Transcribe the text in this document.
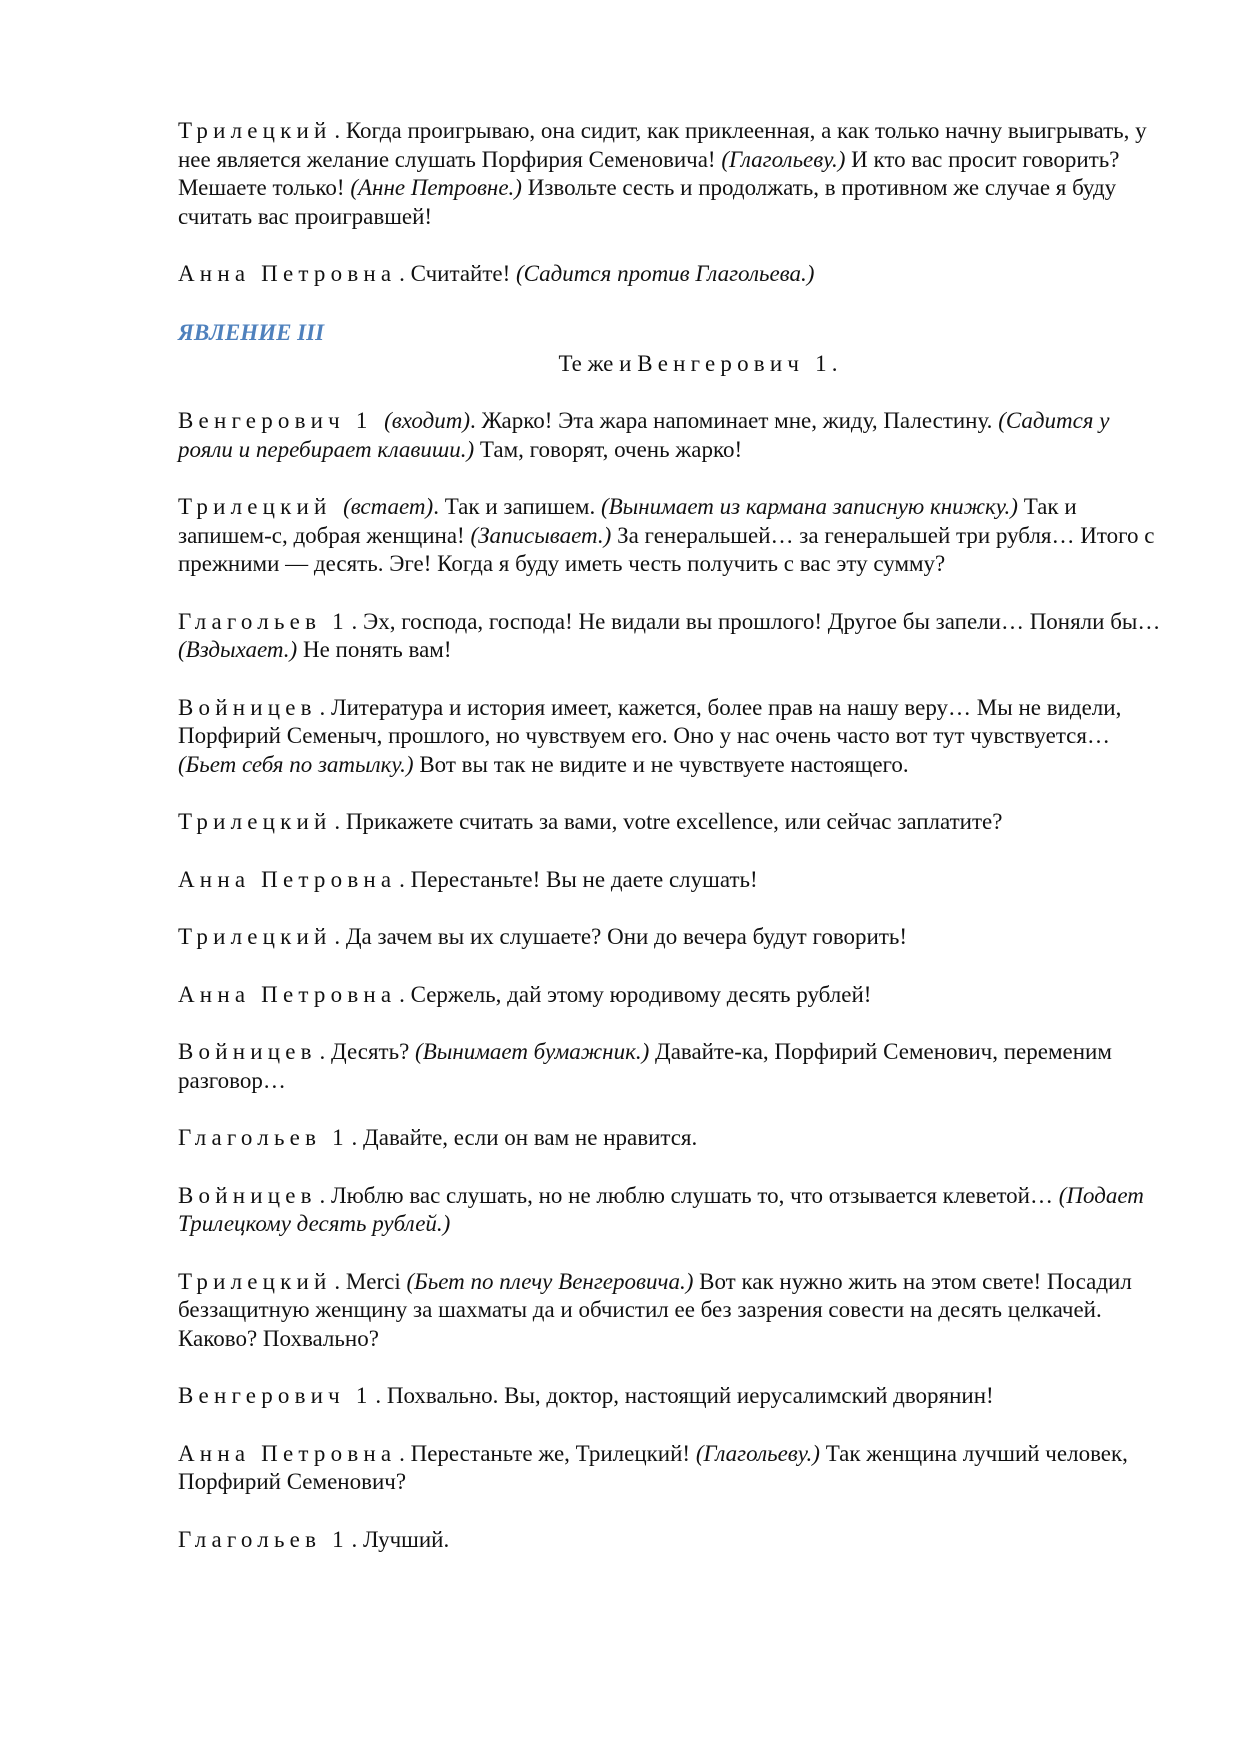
Трилецкий . Когда проигрываю, она сидит, как приклеенная, а как только начну выигрывать, у нее является желание слушать Порфирия Семеновича! (Глагольеву.) И кто вас просит говорить? Мешаете только! (Анне Петровне.) Извольте сесть и продолжать, в противном же случае я буду считать вас проигравшей!

Анна Петровна . Считайте! (Садится против Глагольева.)

ЯВЛЕНИЕ III

Те же и Венгерович 1.

Венгерович 1 (входит). Жарко! Эта жара напоминает мне, жиду, Палестину. (Садится у рояли и перебирает клавиши.) Там, говорят, очень жарко!

Трилецкий (встает). Так и запишем. (Вынимает из кармана записную книжку.) Так и запишем-с, добрая женщина! (Записывает.) За генеральшей… за генеральшей три рубля… Итого с прежними — десять. Эге! Когда я буду иметь честь получить с вас эту сумму?

Глагольев 1 . Эх, господа, господа! Не видали вы прошлого! Другое бы запели… Поняли бы… (Вздыхает.) Не понять вам!

Войницев . Литература и история имеет, кажется, более прав на нашу веру… Мы не видели, Порфирий Семеныч, прошлого, но чувствуем его. Оно у нас очень часто вот тут чувствуется… (Бьет себя по затылку.) Вот вы так не видите и не чувствуете настоящего.

Трилецкий . Прикажете считать за вами, votre excellence, или сейчас заплатите?

Анна Петровна . Перестаньте! Вы не даете слушать!

Трилецкий . Да зачем вы их слушаете? Они до вечера будут говорить!

Анна Петровна . Сержель, дай этому юродивому десять рублей!

Войницев . Десять? (Вынимает бумажник.) Давайте-ка, Порфирий Семенович, переменим разговор…

Глагольев 1 . Давайте, если он вам не нравится.

Войницев . Люблю вас слушать, но не люблю слушать то, что отзывается клеветой… (Подает Трилецкому десять рублей.)

Трилецкий . Merci (Бьет по плечу Венгеровича.) Вот как нужно жить на этом свете! Посадил беззащитную женщину за шахматы да и обчистил ее без зазрения совести на десять целкачей. Каково? Похвально?

Венгерович 1 . Похвально. Вы, доктор, настоящий иерусалимский дворянин!

Анна Петровна . Перестаньте же, Трилецкий! (Глагольеву.) Так женщина лучший человек, Порфирий Семенович?

Глагольев 1 . Лучший.
